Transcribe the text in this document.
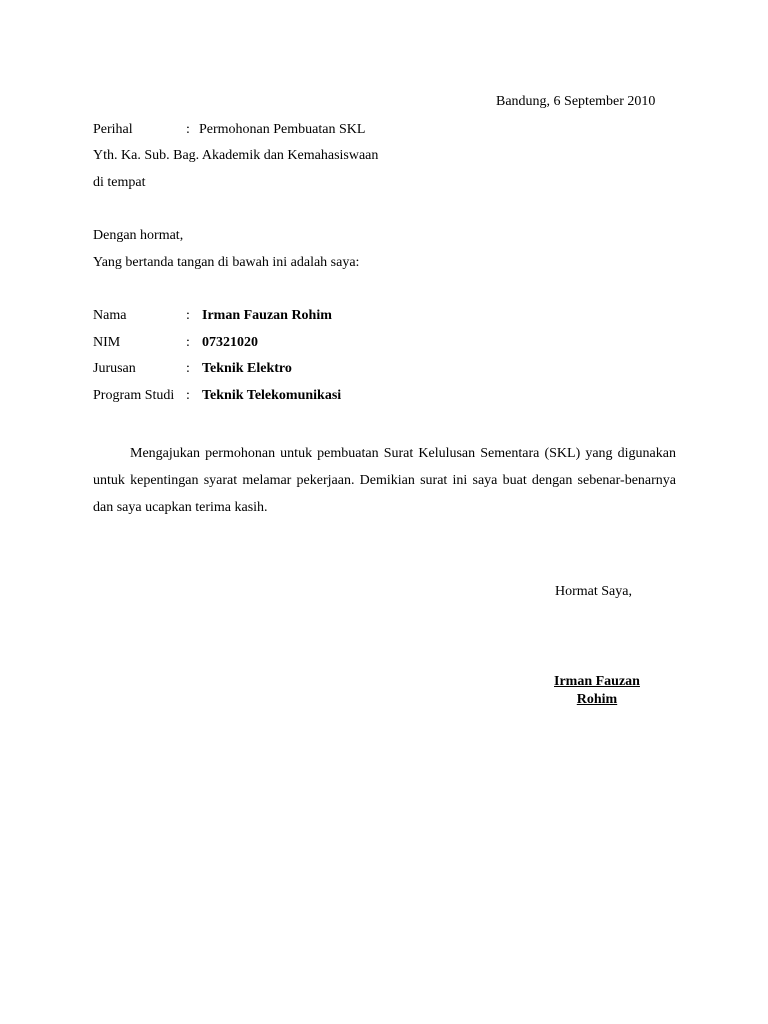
Bandung, 6 September 2010
Perihal	: Permohonan Pembuatan SKL
Yth. Ka. Sub. Bag. Akademik dan Kemahasiswaan
di tempat
Dengan hormat,
Yang bertanda tangan di bawah ini adalah saya:
Nama	: Irman Fauzan Rohim
NIM	: 07321020
Jurusan	: Teknik Elektro
Program Studi : Teknik Telekomunikasi

Mengajukan permohonan untuk pembuatan Surat Kelulusan Sementara (SKL) yang digunakan untuk kepentingan syarat melamar pekerjaan. Demikian surat ini saya buat dengan sebenar-benarnya dan saya ucapkan terima kasih.

Hormat Saya,
Irman Fauzan
Rohim
